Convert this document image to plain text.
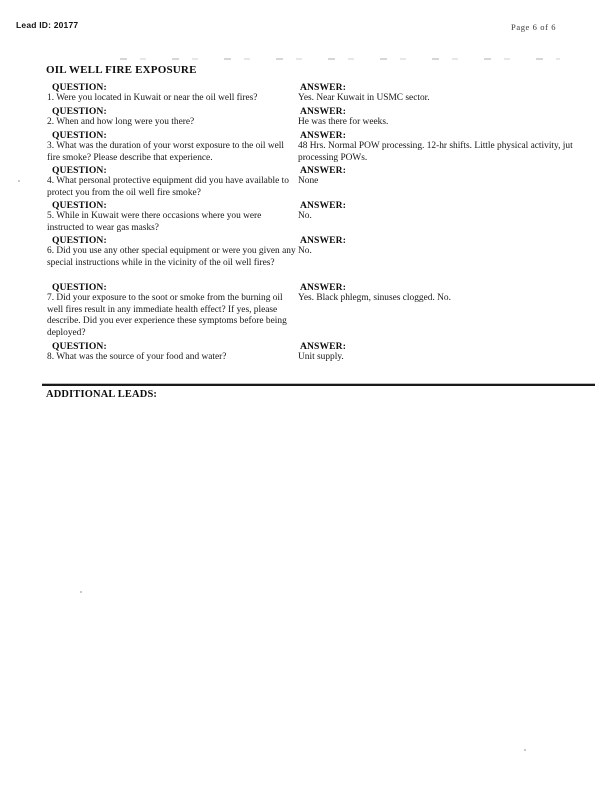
Lead ID: 20177	Page 6 of 6
OIL WELL FIRE EXPOSURE
QUESTION:	ANSWER:
1. Were you located in Kuwait or near the oil well fires?	Yes. Near Kuwait in USMC sector.
QUESTION:	ANSWER:
2. When and how long were you there?	He was there for weeks.
QUESTION:	ANSWER:
3. What was the duration of your worst exposure to the oil well fire smoke? Please describe that experience.
48 Hrs. Normal POW processing. 12-hr shifts. Little physical activity, jut processing POWs.
QUESTION:	ANSWER:
4. What personal protective equipment did you have available to protect you from the oil well fire smoke?
None
QUESTION:	ANSWER:
5. While in Kuwait were there occasions where you were instructed to wear gas masks?
No.
QUESTION:	ANSWER:
6. Did you use any other special equipment or were you given any special instructions while in the vicinity of the oil well fires?
No.
QUESTION:	ANSWER:
7. Did your exposure to the soot or smoke from the burning oil well fires result in any immediate health effect? If yes, please describe. Did you ever experience these symptoms before being deployed?
Yes. Black phlegm, sinuses clogged. No.
QUESTION:	ANSWER:
8. What was the source of your food and water?	Unit supply.
ADDITIONAL LEADS:
